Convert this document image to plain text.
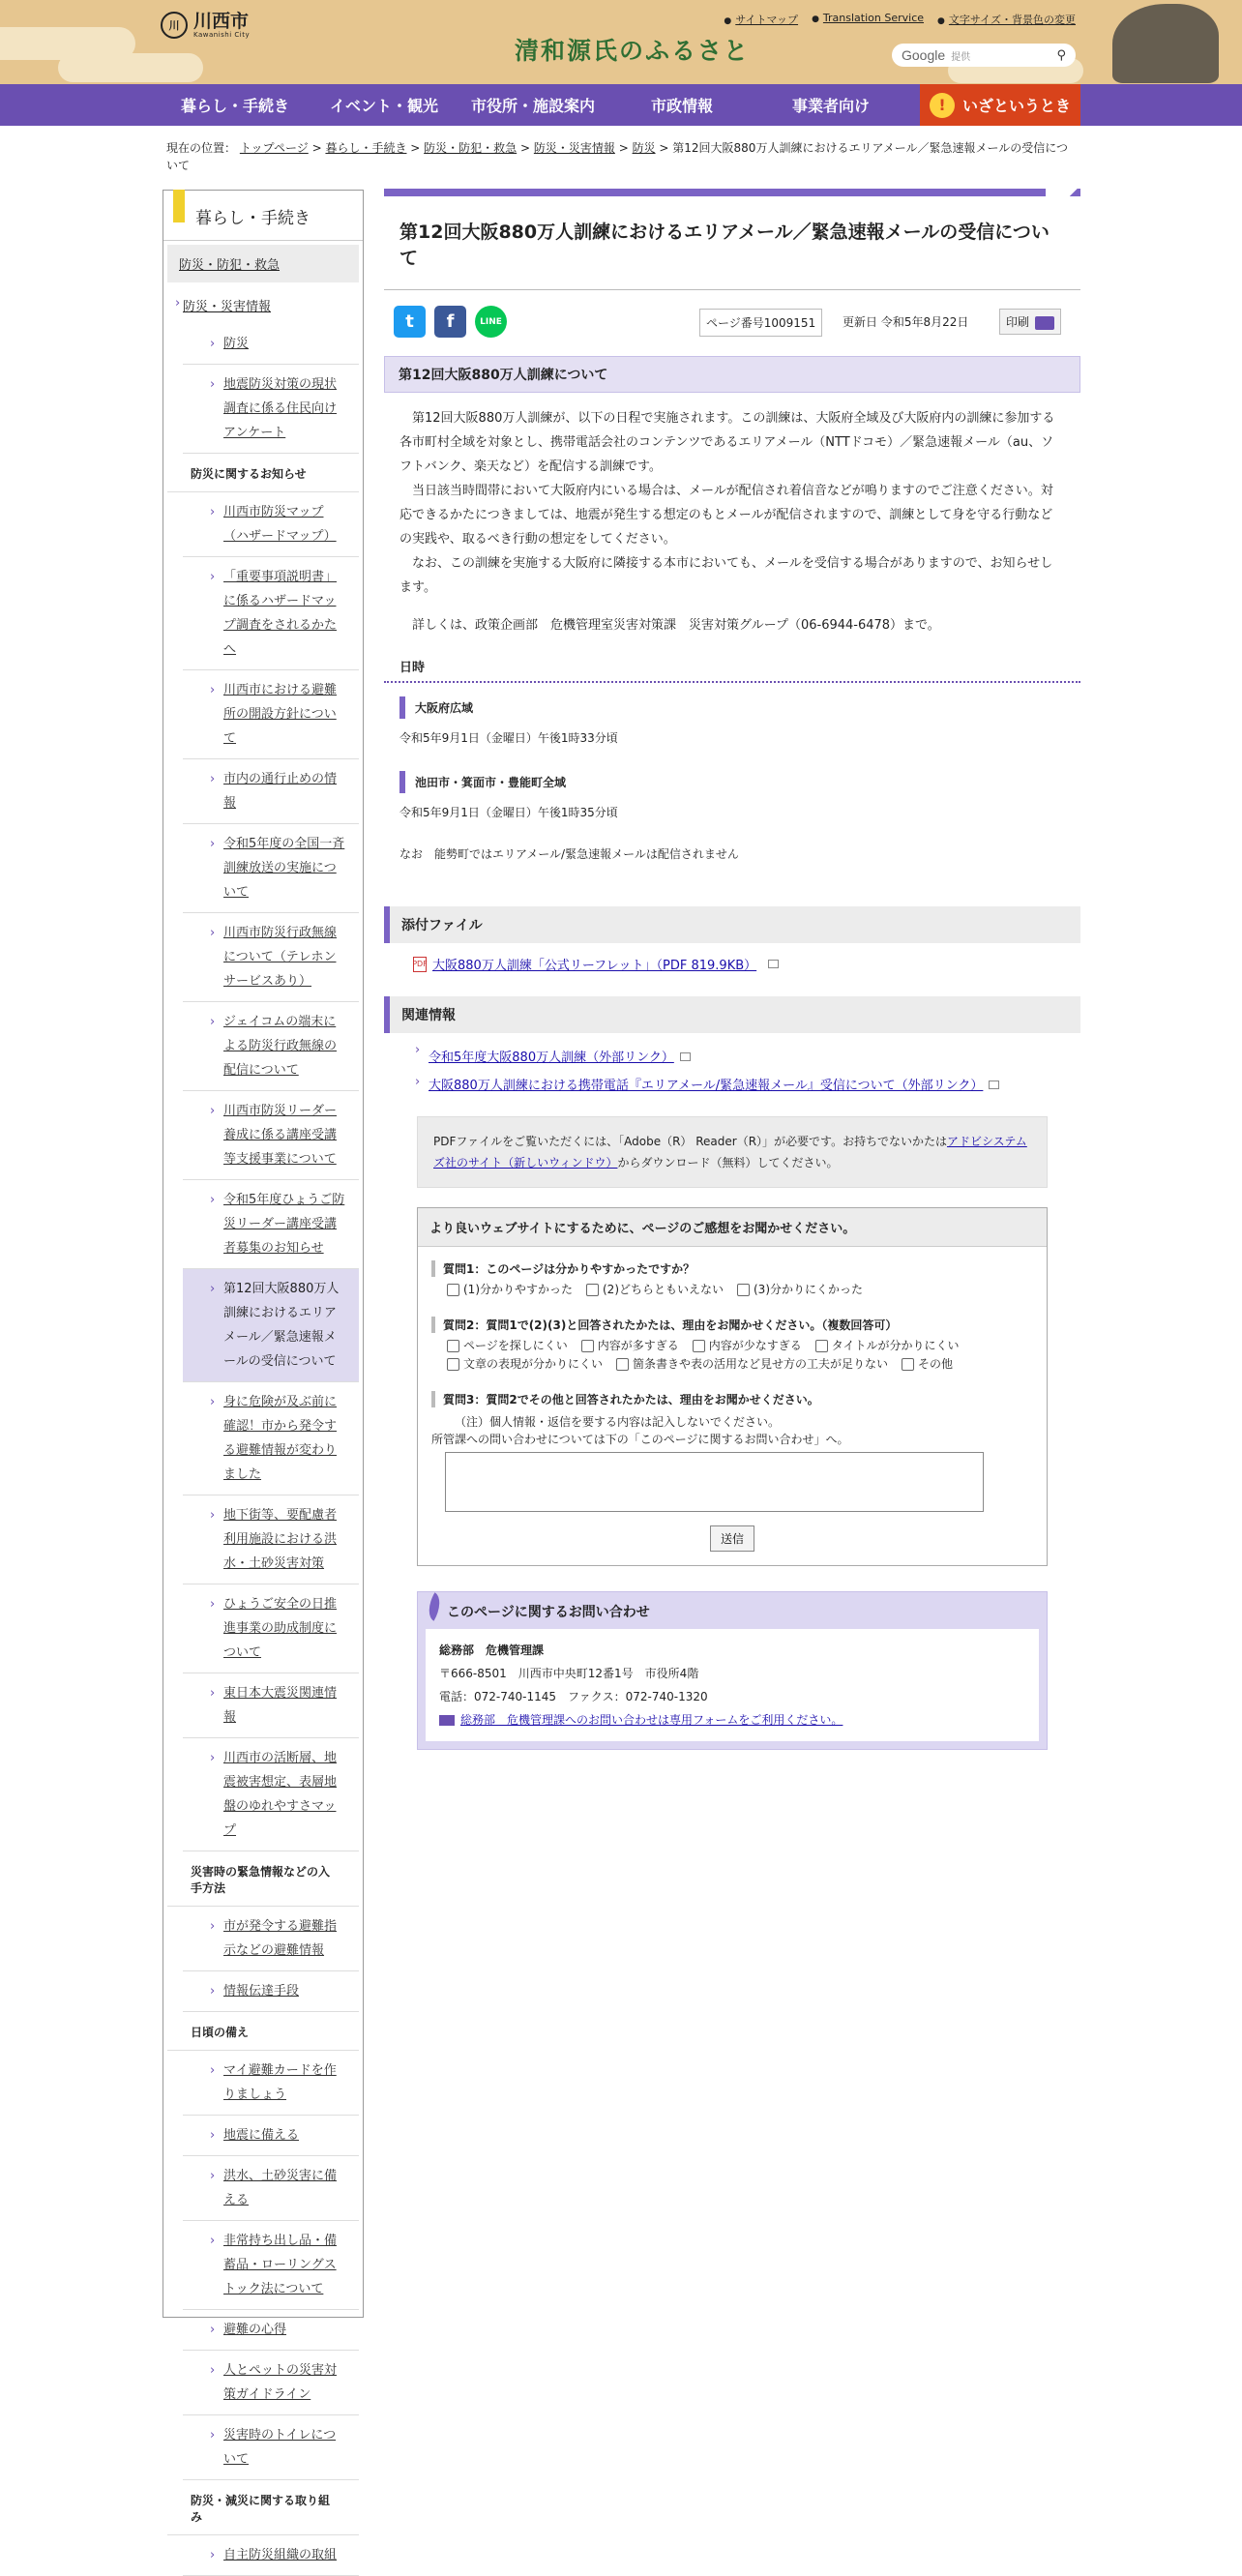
川 川西市
Kawanishi City
清和源氏のふるさと
● サイトマップ ● Translation Service ● 文字サイズ・背景色の変更
Google 提供	⚲
暮らし・手続き	イベント・観光	市役所・施設案内	市政情報	事業者向け	!	いざというとき
現在の位置： トップページ > 暮らし・手続き > 防災・防犯・救急 > 防災・災害情報 > 防災 > 第12回大阪880万人訓練におけるエリアメール／緊急速報メールの受信について
暮らし・手続き
防災・防犯・救急
› 防災・災害情報
› 防災
› 地震防災対策の現状調査に係る住民向けアンケート
防災に関するお知らせ
› 川西市防災マップ（ハザードマップ）
› 「重要事項説明書」に係るハザードマップ調査をされるかたへ
› 川西市における避難所の開設方針について
› 市内の通行止めの情報
› 令和5年度の全国一斉訓練放送の実施について
› 川西市防災行政無線について（テレホンサービスあり）
› ジェイコムの端末による防災行政無線の配信について
› 川西市防災リーダー養成に係る講座受講等支援事業について
› 令和5年度ひょうご防災リーダー講座受講者募集のお知らせ
› 第12回大阪880万人訓練におけるエリアメール／緊急速報メールの受信について
› 身に危険が及ぶ前に確認！市から発令する避難情報が変わりました
› 地下街等、要配慮者利用施設における洪水・土砂災害対策
› ひょうご安全の日推進事業の助成制度について
› 東日本大震災関連情報
› 川西市の活断層、地震被害想定、表層地盤のゆれやすさマップ
災害時の緊急情報などの入手方法
› 市が発令する避難指示などの避難情報
› 情報伝達手段
日頃の備え
› マイ避難カードを作りましょう
› 地震に備える
› 洪水、土砂災害に備える
› 非常持ち出し品・備蓄品・ローリングストック法について
› 避難の心得
› 人とペットの災害対策ガイドライン
› 災害時のトイレについて
防災・減災に関する取り組み
› 自主防災組織の取組
第12回大阪880万人訓練におけるエリアメール／緊急速報メールの受信について
t	f	LINE	ページ番号1009151	更新日 令和5年8月22日	印刷
第12回大阪880万人訓練について

第12回大阪880万人訓練が、以下の日程で実施されます。この訓練は、大阪府全域及び大阪府内の訓練に参加する各市町村全域を対象とし、携帯電話会社のコンテンツであるエリアメール（NTTドコモ）／緊急速報メール（au、ソフトバンク、楽天など）を配信する訓練です。

当日該当時間帯において大阪府内にいる場合は、メールが配信され着信音などが鳴りますのでご注意ください。対応できるかたにつきましては、地震が発生する想定のもとメールが配信されますので、訓練として身を守る行動などの実践や、取るべき行動の想定をしてください。

なお、この訓練を実施する大阪府に隣接する本市においても、メールを受信する場合がありますので、お知らせします。

詳しくは、政策企画部　危機管理室災害対策課　災害対策グループ（06-6944-6478）まで。

日時
大阪府広域
令和5年9月1日（金曜日）午後1時33分頃
池田市・箕面市・豊能町全域
令和5年9月1日（金曜日）午後1時35分頃
なお　能勢町ではエリアメール/緊急速報メールは配信されません
添付ファイル
PDF 大阪880万人訓練「公式リーフレット」（PDF 819.9KB）
関連情報
› 令和5年度大阪880万人訓練（外部リンク）
› 大阪880万人訓練における携帯電話『エリアメール/緊急速報メール』受信について（外部リンク）
PDFファイルをご覧いただくには、「Adobe（R） Reader（R）」が必要です。お持ちでないかたはアドビシステムズ社のサイト（新しいウィンドウ）からダウンロード（無料）してください。
より良いウェブサイトにするために、ページのご感想をお聞かせください。
質問1：このページは分かりやすかったですか？
(1)分かりやすかった	(2)どちらともいえない	(3)分かりにくかった
質問2：質問1で(2)(3)と回答されたかたは、理由をお聞かせください。（複数回答可）
ページを探しにくい	内容が多すぎる	内容が少なすぎる	タイトルが分かりにくい
文章の表現が分かりにくい	箇条書きや表の活用など見せ方の工夫が足りない	その他
質問3：質問2でその他と回答されたかたは、理由をお聞かせください。
（注）個人情報・返信を要する内容は記入しないでください。
所管課への問い合わせについては下の「このページに関するお問い合わせ」へ。
送信
このページに関するお問い合わせ
総務部　危機管理課
〒666-8501　川西市中央町12番1号　市役所4階
電話：072-740-1145　ファクス：072-740-1320
総務部　危機管理課へのお問い合わせは専用フォームをご利用ください。
